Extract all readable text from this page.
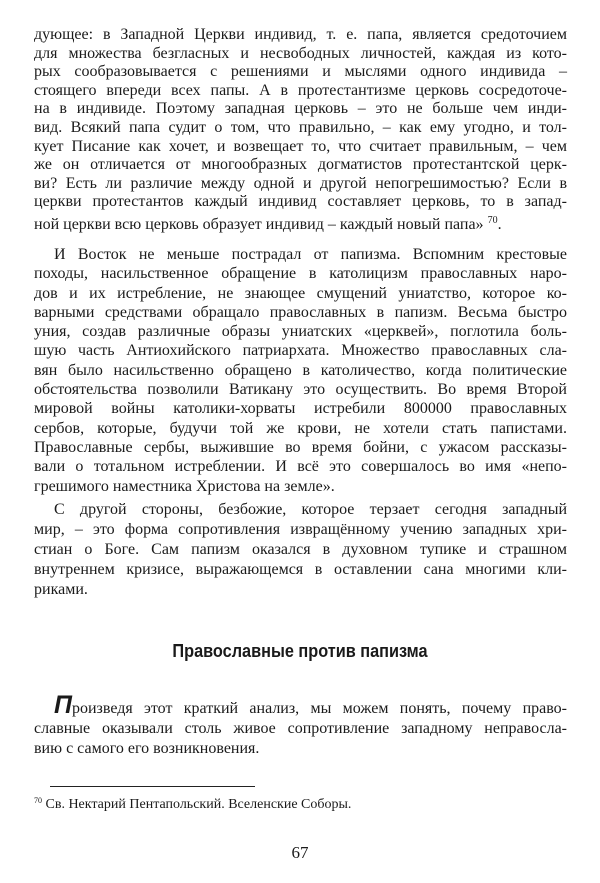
дующее: в Западной Церкви индивид, т. е. папа, является средоточием
для множества безгласных и несвободных личностей, каждая из кото-
рых сообразовывается с решениями и мыслями одного индивида –
стоящего впереди всех папы. А в протестантизме церковь сосредоточе-
на в индивиде. Поэтому западная церковь – это не больше чем инди-
вид. Всякий папа судит о том, что правильно, – как ему угодно, и тол-
кует Писание как хочет, и возвещает то, что считает правильным, – чем
же он отличается от многообразных догматистов протестантской церк-
ви? Есть ли различие между одной и другой непогрешимостью? Если в
церкви протестантов каждый индивид составляет церковь, то в запад-
ной церкви всю церковь образует индивид – каждый новый папа» $^{70}$.
И Восток не меньше пострадал от папизма. Вспомним крестовые
походы, насильственное обращение в католицизм православных наро-
дов и их истребление, не знающее смущений униатство, которое ко-
варными средствами обращало православных в папизм. Весьма быстро
уния, создав различные образы униатских «церквей», поглотила боль-
шую часть Антиохийского патриархата. Множество православных сла-
вян было насильственно обращено в католичество, когда политические
обстоятельства позволили Ватикану это осуществить. Во время Второй
мировой войны католики-хорваты истребили 800000 православных
сербов, которые, будучи той же крови, не хотели стать папистами.
Православные сербы, выжившие во время бойни, с ужасом рассказы-
вали о тотальном истреблении. И всё это совершалось во имя «непо-
грешимого наместника Христова на земле».
С другой стороны, безбожие, которое терзает сегодня западный
мир, – это форма сопротивления извращённому учению западных хри-
стиан о Боге. Сам папизм оказался в духовном тупике и страшном
внутреннем кризисе, выражающемся в оставлении сана многими кли-
риками.
Православные против папизма
Произведя этот краткий анализ, мы можем понять, почему право-
славные оказывали столь живое сопротивление западному неправосла-
вию с самого его возникновения.
$^{70}$ Св. Нектарий Пентапольский. Вселенские Соборы.
67
